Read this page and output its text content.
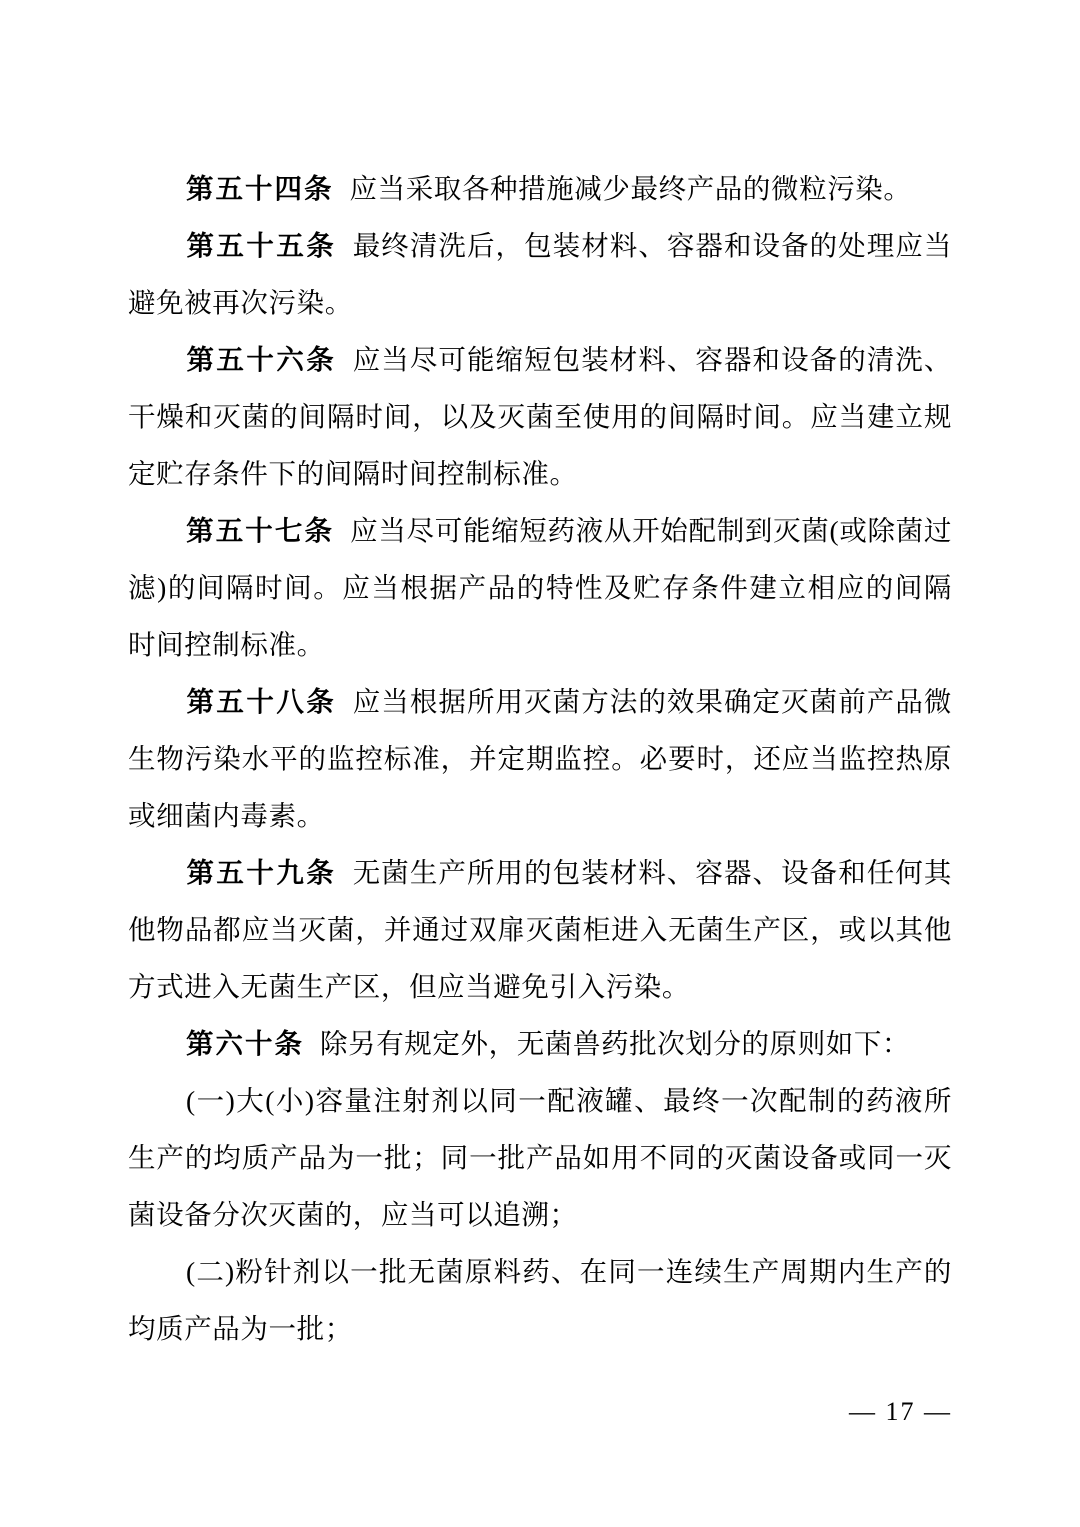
第五十四条 应当采取各种措施减少最终产品的微粒污染。

第五十五条 最终清洗后，包装材料、容器和设备的处理应当避免被再次污染。

第五十六条 应当尽可能缩短包装材料、容器和设备的清洗、干燥和灭菌的间隔时间，以及灭菌至使用的间隔时间。应当建立规定贮存条件下的间隔时间控制标准。

第五十七条 应当尽可能缩短药液从开始配制到灭菌(或除菌过滤)的间隔时间。应当根据产品的特性及贮存条件建立相应的间隔时间控制标准。

第五十八条 应当根据所用灭菌方法的效果确定灭菌前产品微生物污染水平的监控标准，并定期监控。必要时，还应当监控热原或细菌内毒素。

第五十九条 无菌生产所用的包装材料、容器、设备和任何其他物品都应当灭菌，并通过双扉灭菌柜进入无菌生产区，或以其他方式进入无菌生产区，但应当避免引入污染。

第六十条 除另有规定外，无菌兽药批次划分的原则如下：

(一)大(小)容量注射剂以同一配液罐、最终一次配制的药液所生产的均质产品为一批；同一批产品如用不同的灭菌设备或同一灭菌设备分次灭菌的，应当可以追溯；

(二)粉针剂以一批无菌原料药、在同一连续生产周期内生产的均质产品为一批；

— 17 —
